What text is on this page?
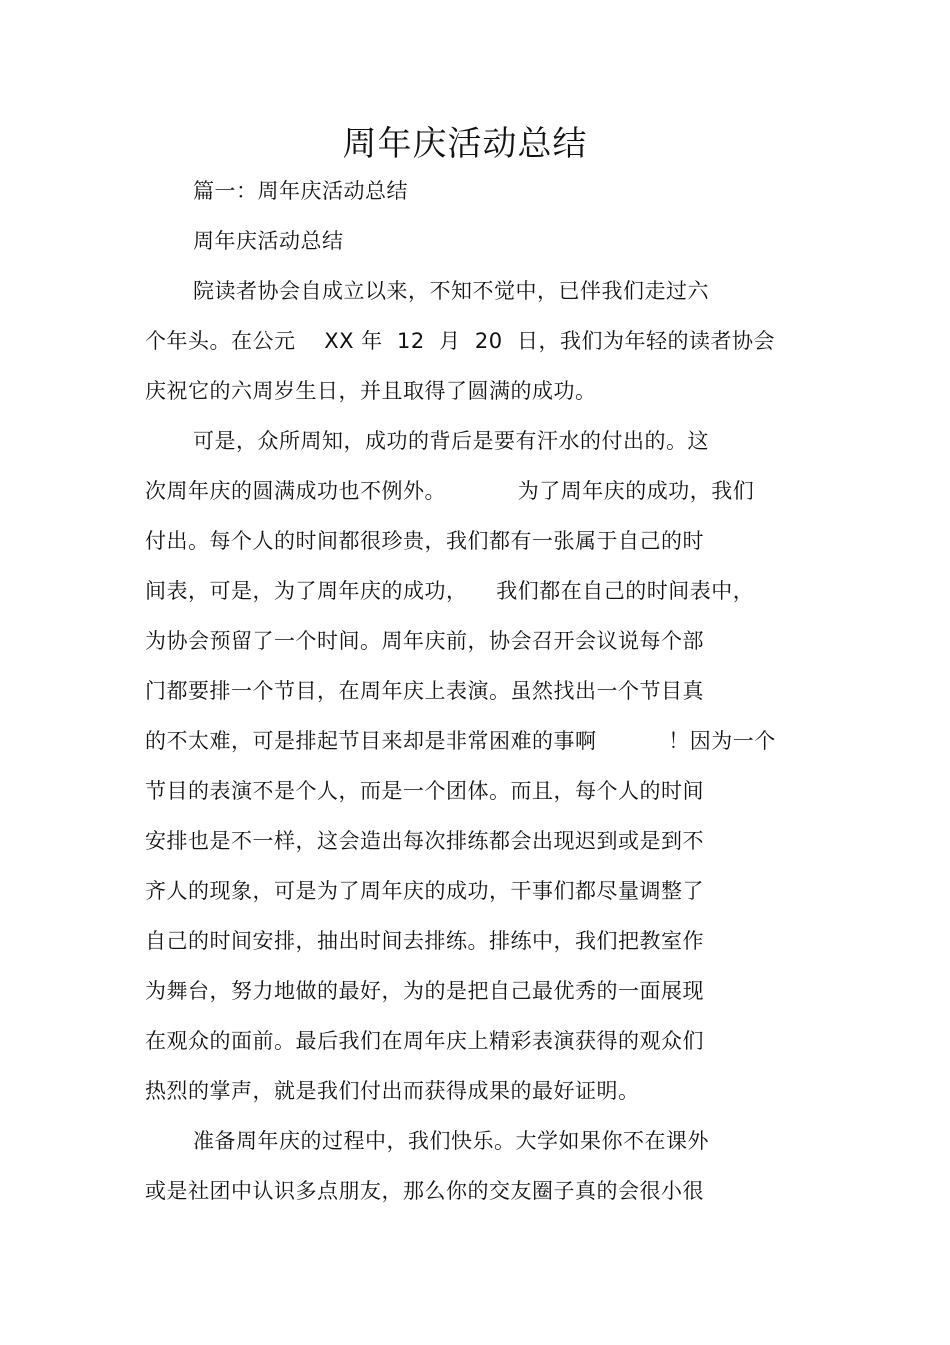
周年庆活动总结
篇一：周年庆活动总结
周年庆活动总结
院读者协会自成立以来，不知不觉中，已伴我们走过六
个年头。在公元    XX 年  12  月  20  日，我们为年轻的读者协会
庆祝它的六周岁生日，并且取得了圆满的成功。
可是，众所周知，成功的背后是要有汗水的付出的。这
次周年庆的圆满成功也不例外。          为了周年庆的成功，我们
付出。每个人的时间都很珍贵，我们都有一张属于自己的时
间表，可是，为了周年庆的成功，    我们都在自己的时间表中，
为协会预留了一个时间。周年庆前，协会召开会议说每个部
门都要排一个节目，在周年庆上表演。虽然找出一个节目真
的不太难，可是排起节目来却是非常困难的事啊          ！因为一个
节目的表演不是个人，而是一个团体。而且，每个人的时间
安排也是不一样，这会造出每次排练都会出现迟到或是到不
齐人的现象，可是为了周年庆的成功，干事们都尽量调整了
自己的时间安排，抽出时间去排练。排练中，我们把教室作
为舞台，努力地做的最好，为的是把自己最优秀的一面展现
在观众的面前。最后我们在周年庆上精彩表演获得的观众们
热烈的掌声，就是我们付出而获得成果的最好证明。
准备周年庆的过程中，我们快乐。大学如果你不在课外
或是社团中认识多点朋友，那么你的交友圈子真的会很小很
